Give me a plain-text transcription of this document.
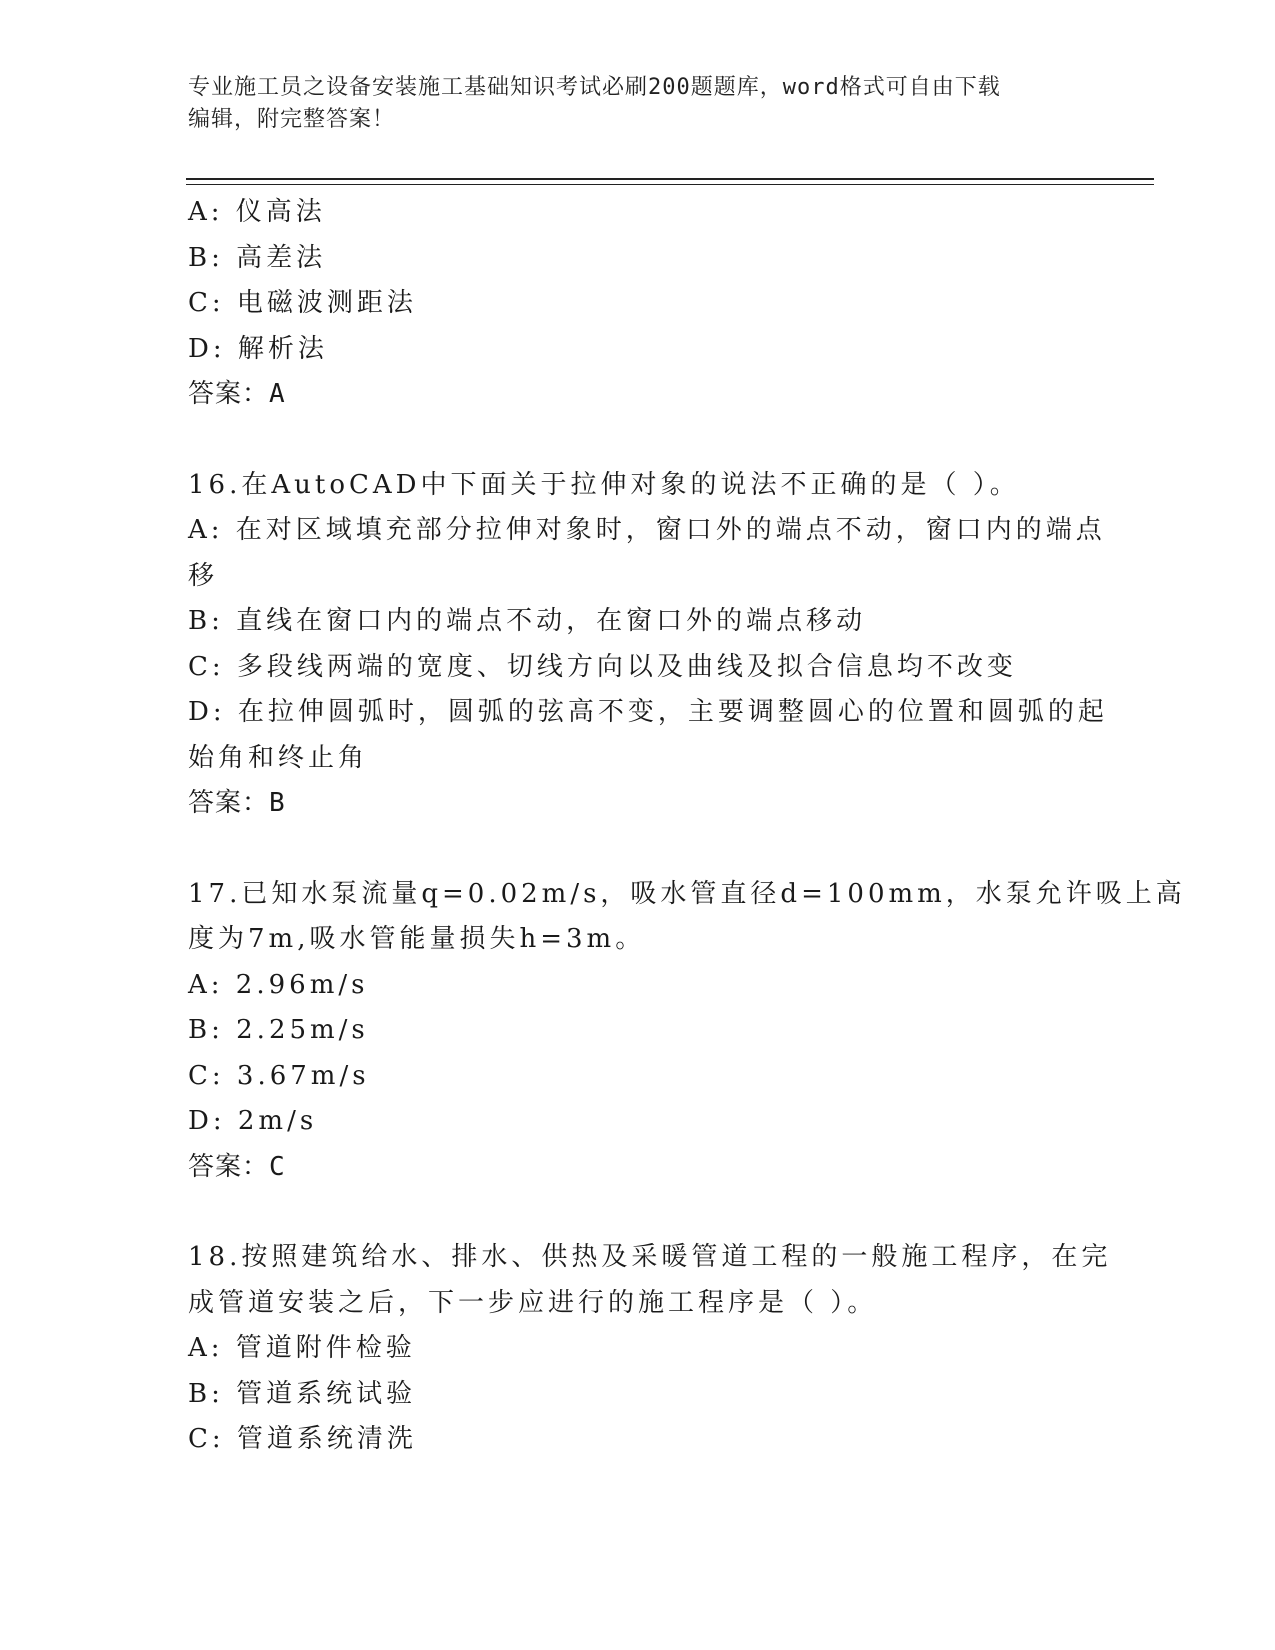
专业施工员之设备安装施工基础知识考试必刷200题题库，word格式可自由下载
编辑，附完整答案！
A: 仪高法
B: 高差法
C: 电磁波测距法
D: 解析法
答案：A
16.在AutoCAD中下面关于拉伸对象的说法不正确的是（ ）。
A: 在对区域填充部分拉伸对象时，窗口外的端点不动，窗口内的端点
移
B: 直线在窗口内的端点不动，在窗口外的端点移动
C: 多段线两端的宽度、切线方向以及曲线及拟合信息均不改变
D: 在拉伸圆弧时，圆弧的弦高不变，主要调整圆心的位置和圆弧的起
始角和终止角
答案：B
17.已知水泵流量q=0.02m/s，吸水管直径d=100mm，水泵允许吸上高
度为7m,吸水管能量损失h=3m。
A: 2.96m/s
B: 2.25m/s
C: 3.67m/s
D: 2m/s
答案：C
18.按照建筑给水、排水、供热及采暖管道工程的一般施工程序，在完
成管道安装之后，下一步应进行的施工程序是（ ）。
A: 管道附件检验
B: 管道系统试验
C: 管道系统清洗
